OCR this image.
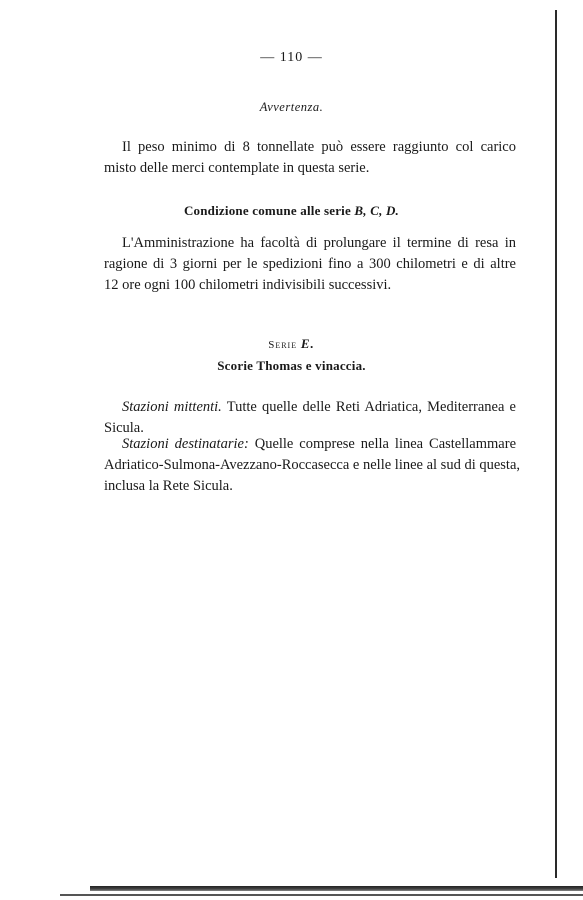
— 110 —
Avvertenza.
Il peso minimo di 8 tonnellate può essere raggiunto col carico
misto delle merci contemplate in questa serie.
Condizione comune alle serie B, C, D.
L'Amministrazione ha facoltà di prolungare il termine di resa in
ragione di 3 giorni per le spedizioni fino a 300 chilometri e di altre
12 ore ogni 100 chilometri indivisibili successivi.
Serie E.
Scorie Thomas e vinaccia.
Stazioni mittenti. Tutte quelle delle Reti Adriatica, Mediterranea e
Sicula.
Stazioni destinatarie: Quelle comprese nella linea Castellammare
Adriatico-Sulmona-Avezzano-Roccasecca e nelle linee al sud di questa,
inclusa la Rete Sicula.
